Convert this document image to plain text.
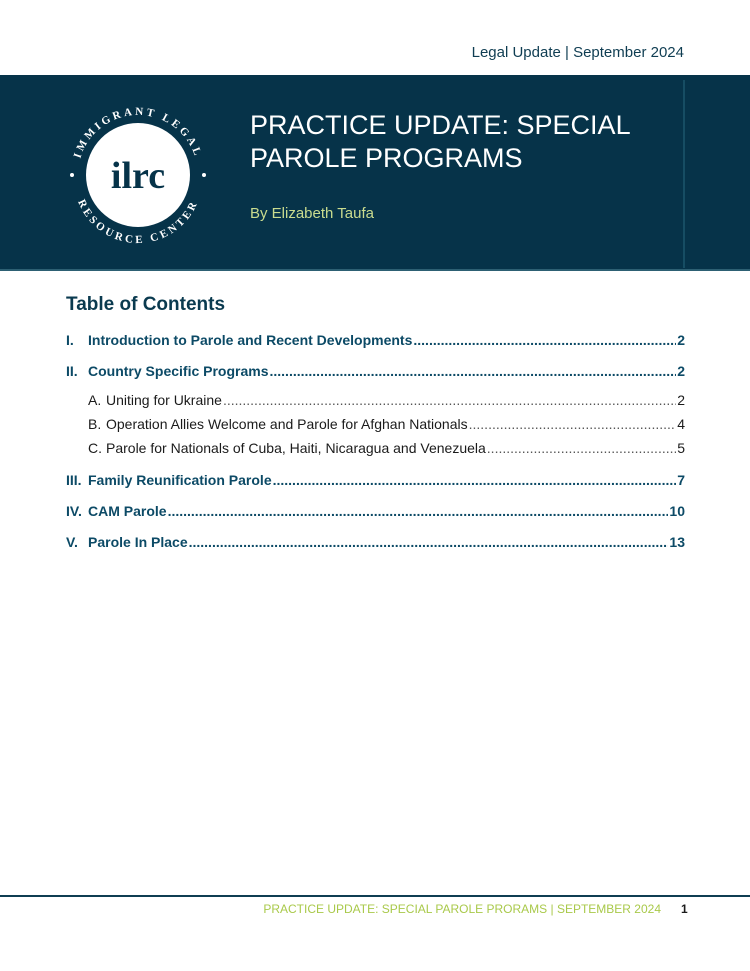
Legal Update | September 2024
IMMIGRANT LEGAL
RESOURCE CENTER
ilrc
PRACTICE UPDATE: SPECIAL PAROLE PROGRAMS
By Elizabeth Taufa
Table of Contents
I.	Introduction to Parole and Recent Developments .....	2
II. Country Specific Programs .....	2
A. Uniting for Ukraine .....	2
B. Operation Allies Welcome and Parole for Afghan Nationals .....	4
C. Parole for Nationals of Cuba, Haiti, Nicaragua and Venezuela .....	5
III. Family Reunification Parole .....	7
IV. CAM Parole .....	10
V. Parole In Place .....	13
PRACTICE UPDATE: SPECIAL PAROLE PRORAMS | SEPTEMBER 2024 1
